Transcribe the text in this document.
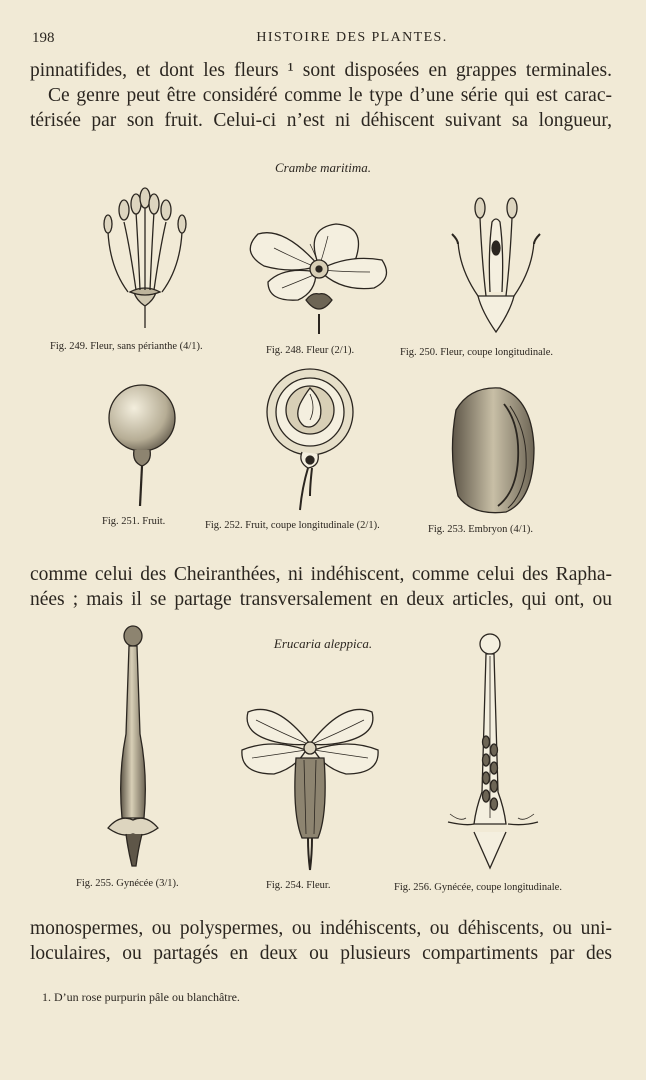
198	HISTOIRE DES PLANTES.
pinnatifides, et dont les fleurs ¹ sont disposées en grappes terminales.
Ce genre peut être considéré comme le type d’une série qui est carac-
térisée par son fruit. Celui-ci n’est ni déhiscent suivant sa longueur,
Crambe maritima.
Fig. 249. Fleur, sans périanthe (4/1).	Fig. 248. Fleur (2/1).	Fig. 250. Fleur, coupe longitudinale.
Fig. 251. Fruit.	Fig. 252. Fruit, coupe longitudinale (2/1).	Fig. 253. Embryon (4/1).
comme celui des Cheiranthées, ni indéhiscent, comme celui des Rapha-
nées ; mais il se partage transversalement en deux articles, qui ont, ou
Erucaria aleppica.
Fig. 255. Gynécée (3/1).	Fig. 254. Fleur.	Fig. 256. Gynécée, coupe longitudinale.
monospermes, ou polyspermes, ou indéhiscents, ou déhiscents, ou uni-
loculaires, ou partagés en deux ou plusieurs compartiments par des
1. D’un rose purpurin pâle ou blanchâtre.
